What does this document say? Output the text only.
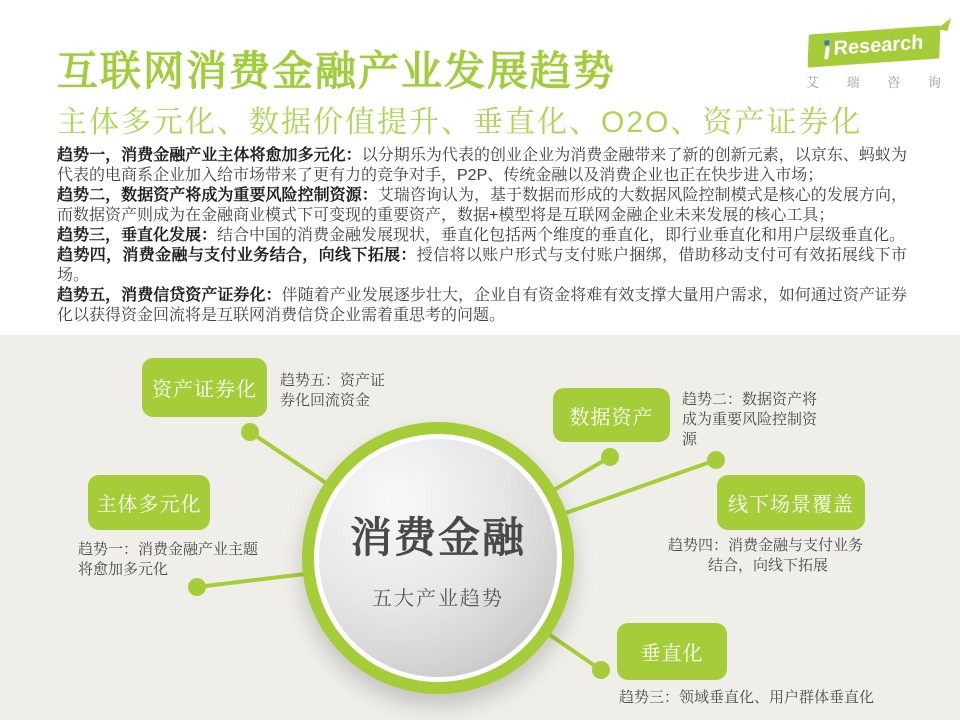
互联网消费金融产业发展趋势
主体多元化、数据价值提升、垂直化、O2O、资产证券化
Research
艾 瑞 咨 询

趋势一，消费金融产业主体将愈加多元化：以分期乐为代表的创业企业为消费金融带来了新的创新元素，以京东、蚂蚁为代表的电商系企业加入给市场带来了更有力的竞争对手，P2P、传统金融以及消费企业也正在快步进入市场；

趋势二，数据资产将成为重要风险控制资源：艾瑞咨询认为，基于数据而形成的大数据风险控制模式是核心的发展方向，而数据资产则成为在金融商业模式下可变现的重要资产，数据+模型将是互联网金融企业未来发展的核心工具；

趋势三，垂直化发展：结合中国的消费金融发展现状，垂直化包括两个维度的垂直化，即行业垂直化和用户层级垂直化。

趋势四，消费金融与支付业务结合，向线下拓展：授信将以账户形式与支付账户捆绑，借助移动支付可有效拓展线下市场。

趋势五，消费信贷资产证券化：伴随着产业发展逐步壮大，企业自有资金将难有效支撑大量用户需求，如何通过资产证券化以获得资金回流将是互联网消费信贷企业需着重思考的问题。

消费金融
五大产业趋势
资产证券化
主体多元化
数据资产
线下场景覆盖
垂直化
趋势五：资产证
券化回流资金
趋势一：消费金融产业主题
将愈加多元化
趋势二：数据资产将
成为重要风险控制资
源
趋势四：消费金融与支付业务
结合，向线下拓展
趋势三：领域垂直化、用户群体垂直化
